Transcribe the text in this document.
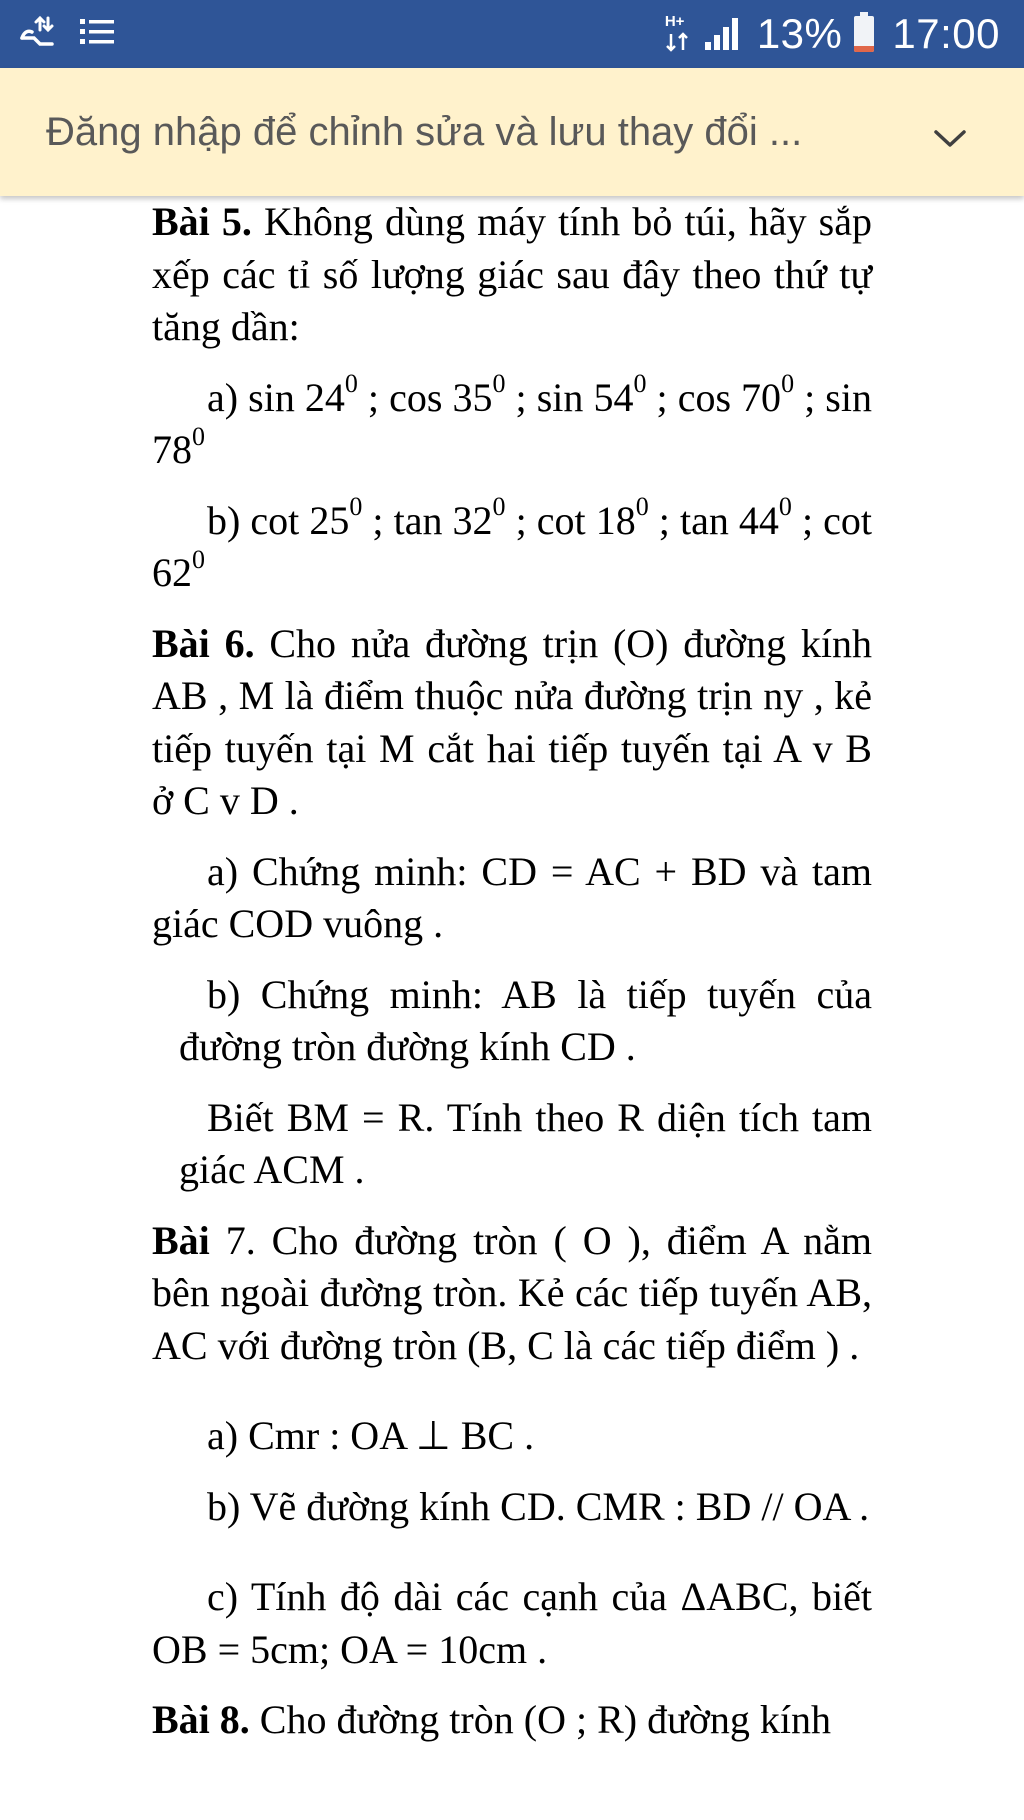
H+ 13% 17:00
Đăng nhập để chỉnh sửa và lưu thay đổi ...

Bài 5. Không dùng máy tính bỏ túi, hãy sắp xếp các tỉ số lượng giác sau đây theo thứ tự tăng dần:

a) $\sin 24^0$ ; $\cos 35^0$ ; $\sin 54^0$ ; $\cos 70^0$ ; $\sin 78^0$

b) $\cot 25^0$ ; $\tan 32^0$ ; $\cot 18^0$ ; $\tan 44^0$ ; $\cot 62^0$

Bài 6. Cho nửa đường trịn (O) đường kính AB , M là điểm thuộc nửa đường trịn ny , kẻ tiếp tuyến tại M cắt hai tiếp tuyến tại A v B ở C v D .

a) Chứng minh: CD = AC + BD và tam giác COD vuông .

b) Chứng minh: AB là tiếp tuyến của đường tròn đường kính CD .

Biết BM = R. Tính theo R diện tích tam giác ACM .

Bài 7. Cho đường tròn ( O ), điểm A nằm bên ngoài đường tròn. Kẻ các tiếp tuyến AB, AC với đường tròn (B, C là các tiếp điểm ) .

a) Cmr : OA ⊥ BC .

b) Vẽ đường kính CD. CMR : BD // OA .

c) Tính độ dài các cạnh của ΔABC, biết OB = 5cm; OA = 10cm .

Bài 8. Cho đường tròn (O ; R) đường kính
